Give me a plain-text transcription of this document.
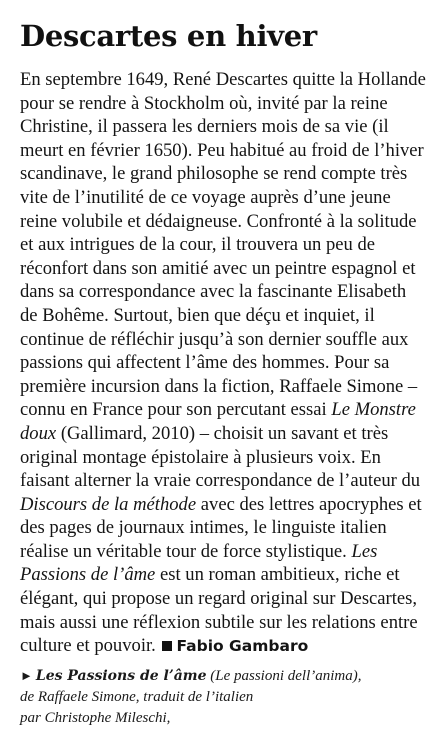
Descartes en hiver

En septembre 1649, René Descartes quitte la Hollande pour se rendre à Stockholm où, invité par la reine Christine, il passera les derniers mois de sa vie (il meurt en février 1650). Peu habitué au froid de l’hiver scandinave, le grand philosophe se rend compte très vite de l’inutilité de ce voyage auprès d’une jeune reine volubile et dédaigneuse. Confronté à la solitude et aux intrigues de la cour, il trouvera un peu de réconfort dans son amitié avec un peintre espagnol et dans sa correspondance avec la fascinante Elisabeth de Bohême. Surtout, bien que déçu et inquiet, il continue de réfléchir jusqu’à son dernier souffle aux passions qui affectent l’âme des hommes. Pour sa première incursion dans la fiction, Raffaele Simone – connu en France pour son percutant essai Le Monstre doux (Gallimard, 2010) – choisit un savant et très original montage épistolaire à plusieurs voix. En faisant alterner la vraie correspondance de l’auteur du Discours de la méthode avec des lettres apocryphes et des pages de journaux intimes, le linguiste italien réalise un véritable tour de force stylistique. Les Passions de l’âme est un roman ambitieux, riche et élégant, qui propose un regard original sur Descartes, mais aussi une réflexion subtile sur les relations entre culture et pouvoir. Fabio Gambaro

► Les Passions de l’âme (Le passioni dell’anima),
de Raffaele Simone, traduit de l’italien
par Christophe Mileschi,
